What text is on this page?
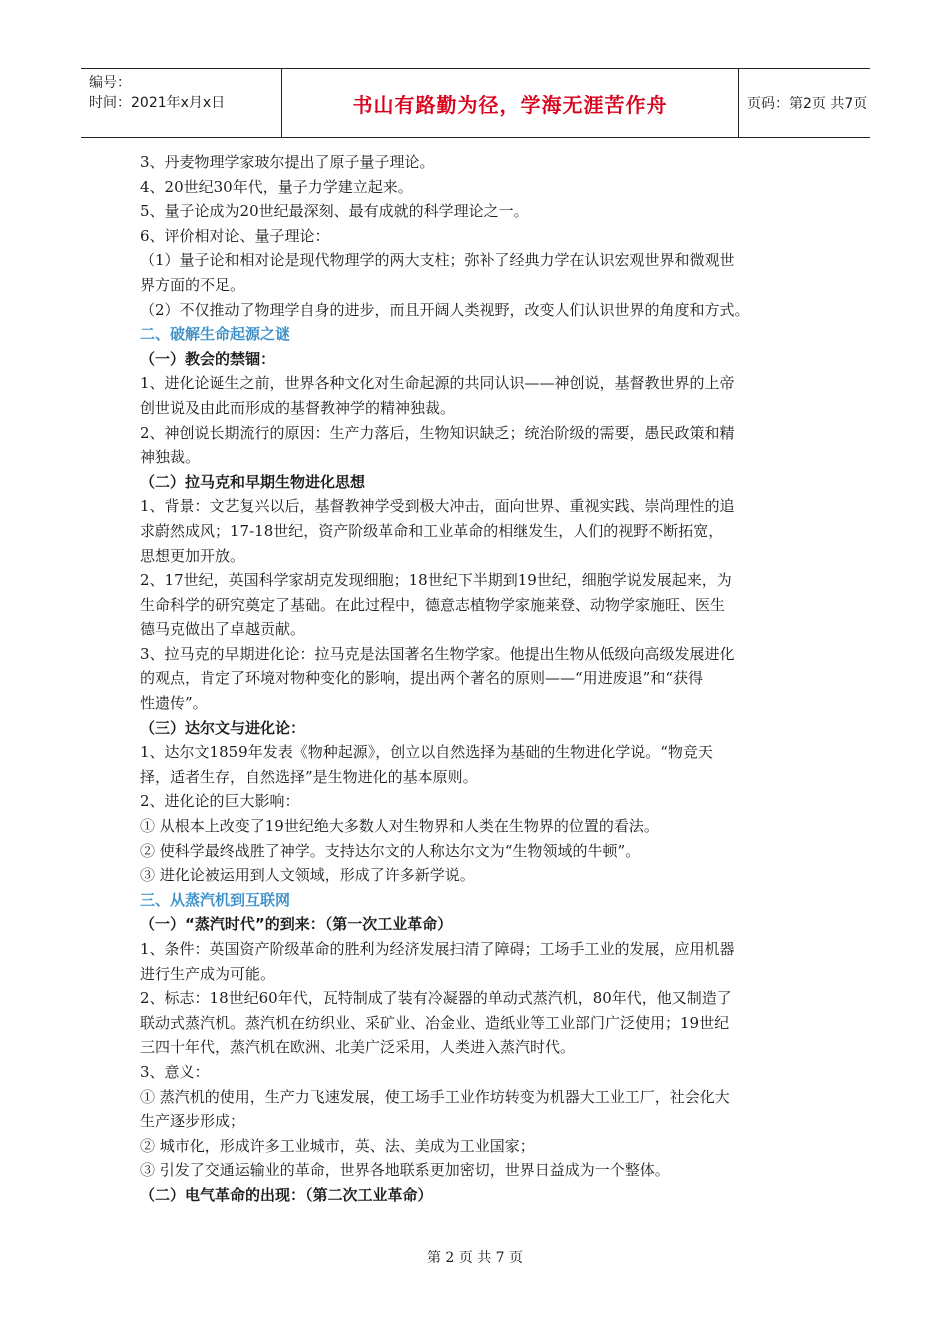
编号：
时间：2021年x月x日	书山有路勤为径，学海无涯苦作舟	页码：第2页 共7页
3、丹麦物理学家玻尔提出了原子量子理论。
4、20世纪30年代，量子力学建立起来。
5、量子论成为20世纪最深刻、最有成就的科学理论之一。
6、评价相对论、量子理论：
（1）量子论和相对论是现代物理学的两大支柱；弥补了经典力学在认识宏观世界和微观世
界方面的不足。
（2）不仅推动了物理学自身的进步，而且开阔人类视野，改变人们认识世界的角度和方式。
二、破解生命起源之谜
（一）教会的禁锢：
1、进化论诞生之前，世界各种文化对生命起源的共同认识——神创说，基督教世界的上帝
创世说及由此而形成的基督教神学的精神独裁。
2、神创说长期流行的原因：生产力落后，生物知识缺乏；统治阶级的需要，愚民政策和精
神独裁。
（二）拉马克和早期生物进化思想
1、背景：文艺复兴以后，基督教神学受到极大冲击，面向世界、重视实践、崇尚理性的追
求蔚然成风；17-18世纪，资产阶级革命和工业革命的相继发生，人们的视野不断拓宽，
思想更加开放。
2、17世纪，英国科学家胡克发现细胞；18世纪下半期到19世纪，细胞学说发展起来，为
生命科学的研究奠定了基础。在此过程中，德意志植物学家施莱登、动物学家施旺、医生
德马克做出了卓越贡献。
3、拉马克的早期进化论：拉马克是法国著名生物学家。他提出生物从低级向高级发展进化
的观点，肯定了环境对物种变化的影响，提出两个著名的原则——“用进废退”和“获得
性遗传”。
（三）达尔文与进化论：
1、达尔文1859年发表《物种起源》，创立以自然选择为基础的生物进化学说。“物竞天
择，适者生存，自然选择”是生物进化的基本原则。
2、进化论的巨大影响：
① 从根本上改变了19世纪绝大多数人对生物界和人类在生物界的位置的看法。
② 使科学最终战胜了神学。支持达尔文的人称达尔文为“生物领域的牛顿”。
③ 进化论被运用到人文领域，形成了许多新学说。
三、从蒸汽机到互联网
（一）“蒸汽时代”的到来：（第一次工业革命）
1、条件：英国资产阶级革命的胜利为经济发展扫清了障碍；工场手工业的发展，应用机器
进行生产成为可能。
2、标志：18世纪60年代，瓦特制成了装有冷凝器的单动式蒸汽机，80年代，他又制造了
联动式蒸汽机。蒸汽机在纺织业、采矿业、冶金业、造纸业等工业部门广泛使用；19世纪
三四十年代，蒸汽机在欧洲、北美广泛采用，人类进入蒸汽时代。
3、意义：
① 蒸汽机的使用，生产力飞速发展，使工场手工业作坊转变为机器大工业工厂，社会化大
生产逐步形成；
② 城市化，形成许多工业城市，英、法、美成为工业国家；
③ 引发了交通运输业的革命，世界各地联系更加密切，世界日益成为一个整体。
（二）电气革命的出现：（第二次工业革命）
第 2 页 共 7 页
